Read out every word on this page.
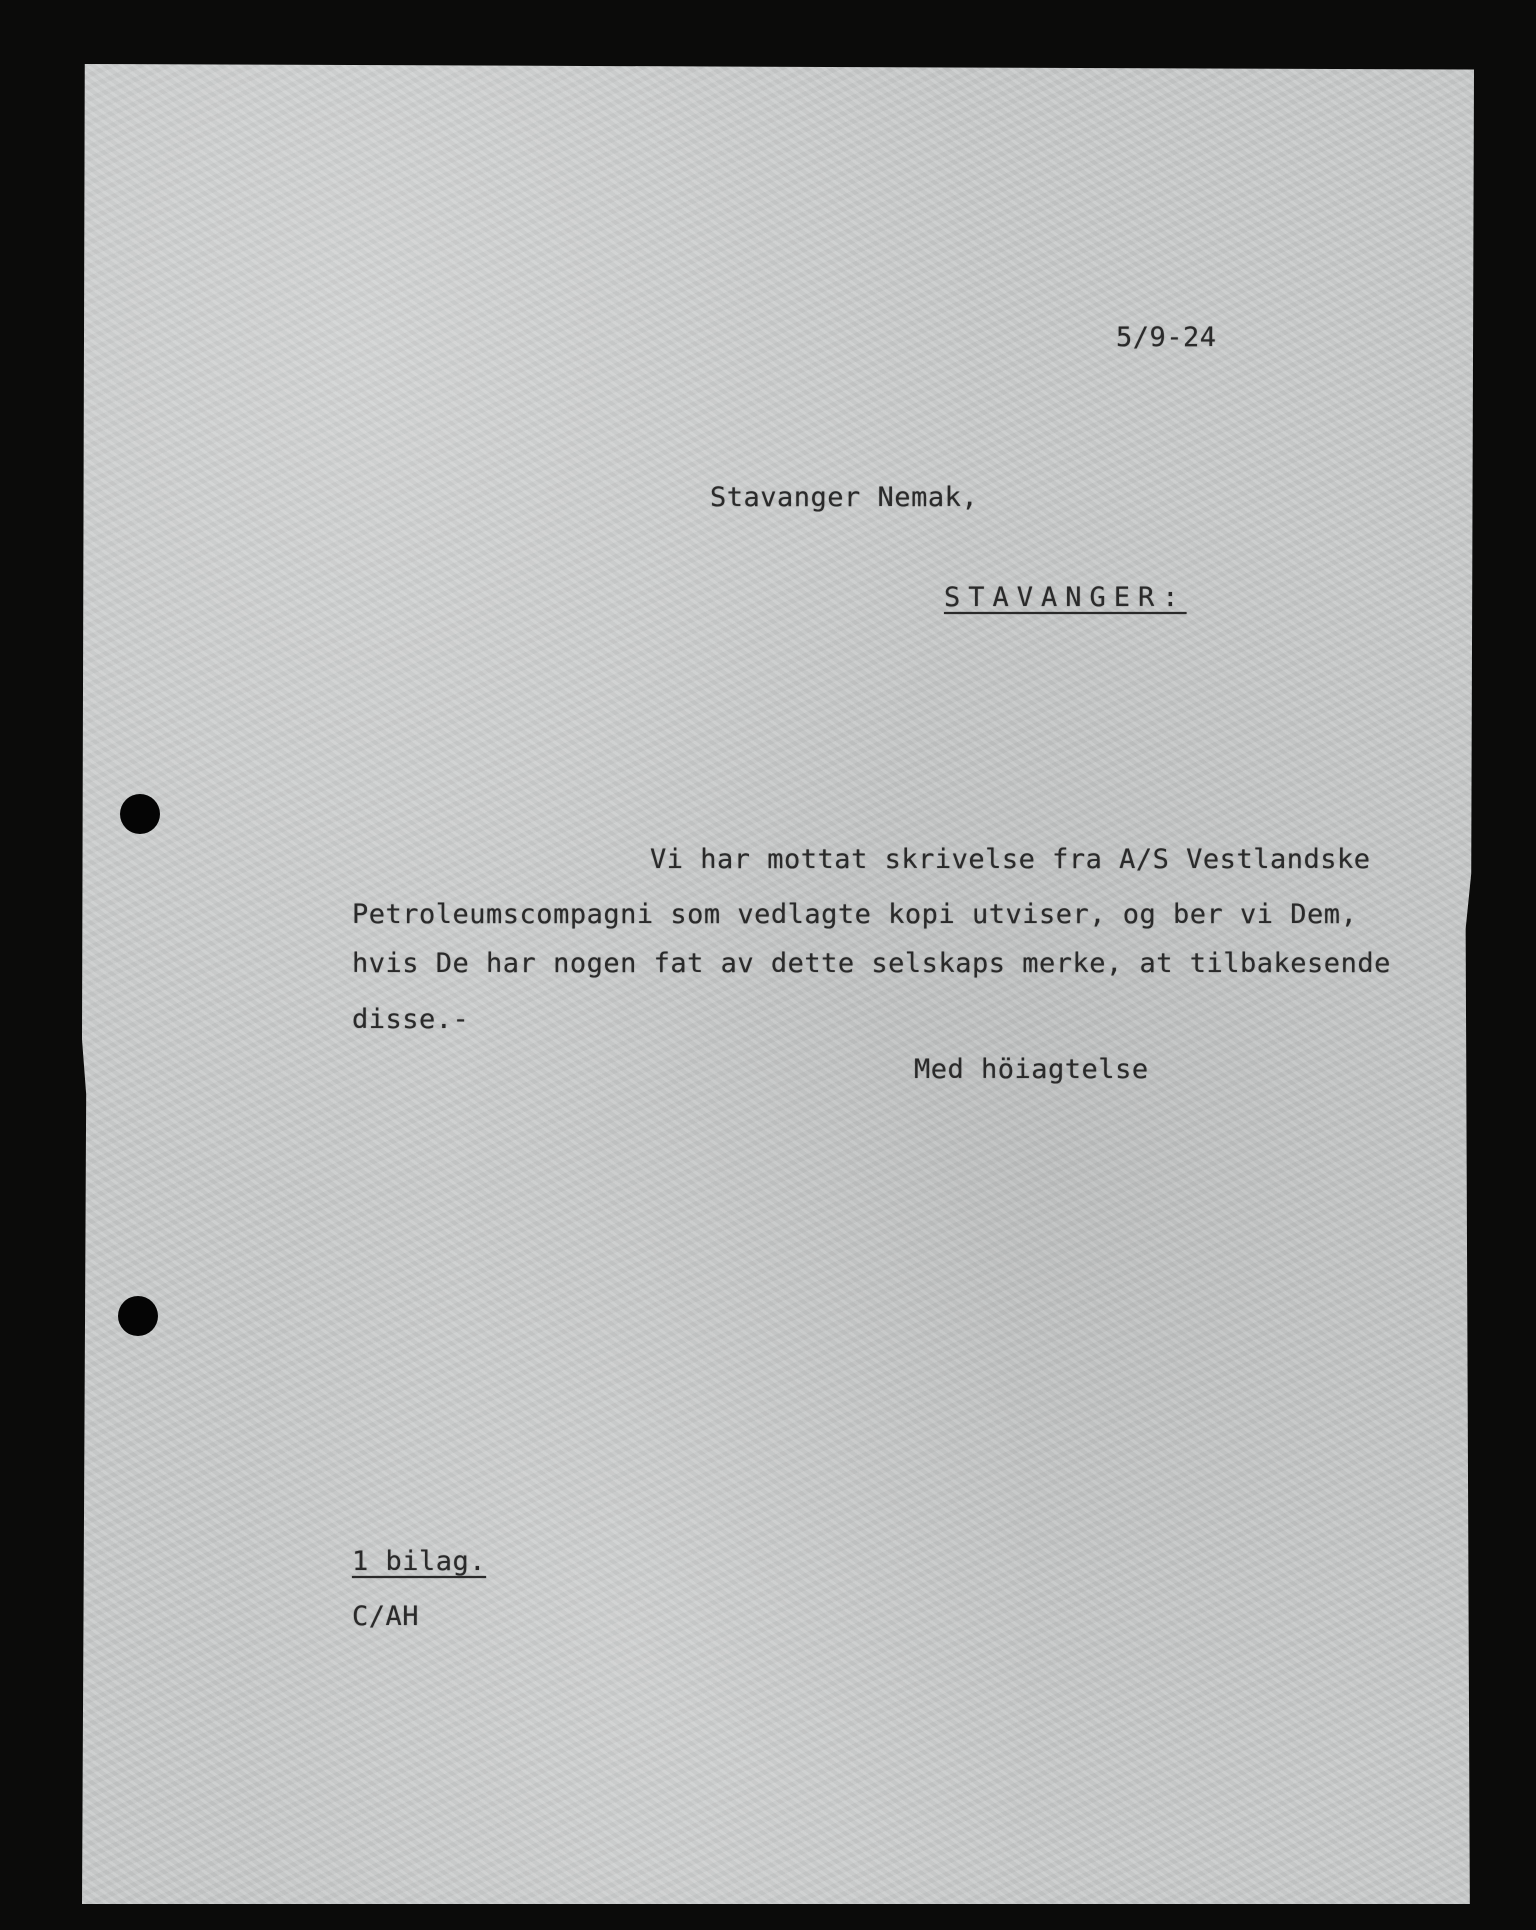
5/9-24
Stavanger Nemak,
STAVANGER:
Vi har mottat skrivelse fra A/S Vestlandske
Petroleumscompagni som vedlagte kopi utviser, og ber vi Dem,
hvis De har nogen fat av dette selskaps merke, at tilbakesende
disse.-
Med höiagtelse
1 bilag.
C/AH
